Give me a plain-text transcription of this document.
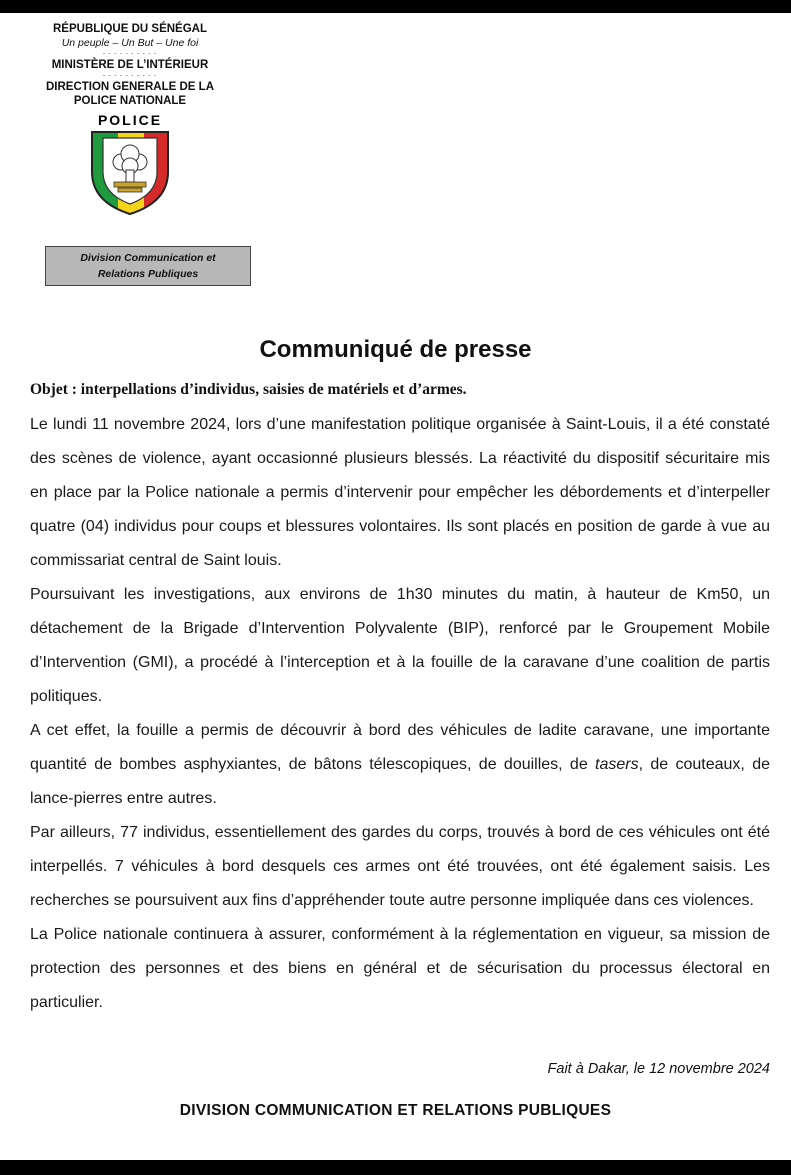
RÉPUBLIQUE DU SÉNÉGAL
Un peuple – Un But – Une foi
- - - - - - - - - -
MINISTÈRE DE L’INTÉRIEUR
- - - - - - - - - -
DIRECTION GENERALE DE LA
POLICE NATIONALE
POLICE
Division Communication et
Relations Publiques
Communiqué de presse
Objet : interpellations d’individus, saisies de matériels et d’armes.

Le lundi 11 novembre 2024, lors d’une manifestation politique organisée à Saint-Louis, il a été constaté des scènes de violence, ayant occasionné plusieurs blessés. La réactivité du dispositif sécuritaire mis en place par la Police nationale a permis d’intervenir pour empêcher les débordements et d’interpeller quatre (04) individus pour coups et blessures volontaires. Ils sont placés en position de garde à vue au commissariat central de Saint louis.

Poursuivant les investigations, aux environs de 1h30 minutes du matin, à hauteur de Km50, un détachement de la Brigade d’Intervention Polyvalente (BIP), renforcé par le Groupement Mobile d’Intervention (GMI), a procédé à l’interception et à la fouille de la caravane d’une coalition de partis politiques.

A cet effet, la fouille a permis de découvrir à bord des véhicules de ladite caravane, une importante quantité de bombes asphyxiantes, de bâtons télescopiques, de douilles, de tasers, de couteaux, de lance-pierres entre autres.

Par ailleurs, 77 individus, essentiellement des gardes du corps, trouvés à bord de ces véhicules ont été interpellés. 7 véhicules à bord desquels ces armes ont été trouvées, ont été également saisis. Les recherches se poursuivent aux fins d’appréhender toute autre personne impliquée dans ces violences.

La Police nationale continuera à assurer, conformément à la réglementation en vigueur, sa mission de protection des personnes et des biens en général et de sécurisation du processus électoral en particulier.

Fait à Dakar, le 12 novembre 2024
DIVISION COMMUNICATION ET RELATIONS PUBLIQUES
